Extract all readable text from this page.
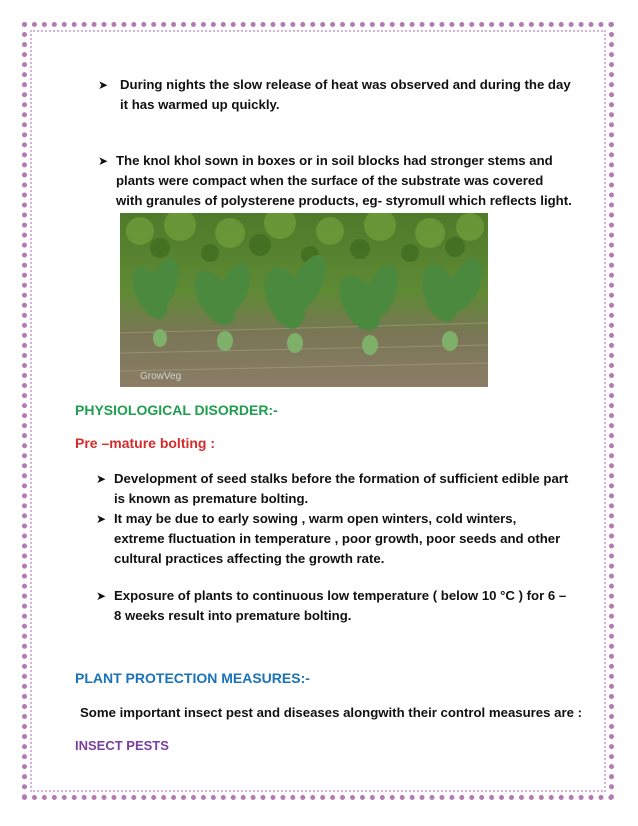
➤ During nights the slow release of heat was observed and during the day
it has warmed up quickly.
➤ The knol khol sown in boxes or in soil blocks had stronger stems and
plants were compact when the surface of the substrate was covered
with granules of polysterene products, eg- styromull which reflects light.
GrowVeg
PHYSIOLOGICAL DISORDER:-
Pre –mature bolting :
➤ Development of seed stalks before the formation of sufficient edible part
is known as premature bolting.
➤ It may be due to early sowing , warm open winters, cold winters,
extreme fluctuation in temperature , poor growth, poor seeds and other
cultural practices affecting the growth rate.
➤ Exposure of plants to continuous low temperature ( below 10 °C ) for 6 –
8 weeks result into premature bolting.
PLANT PROTECTION MEASURES:-
Some important insect pest and diseases alongwith their control measures are :
INSECT PESTS
